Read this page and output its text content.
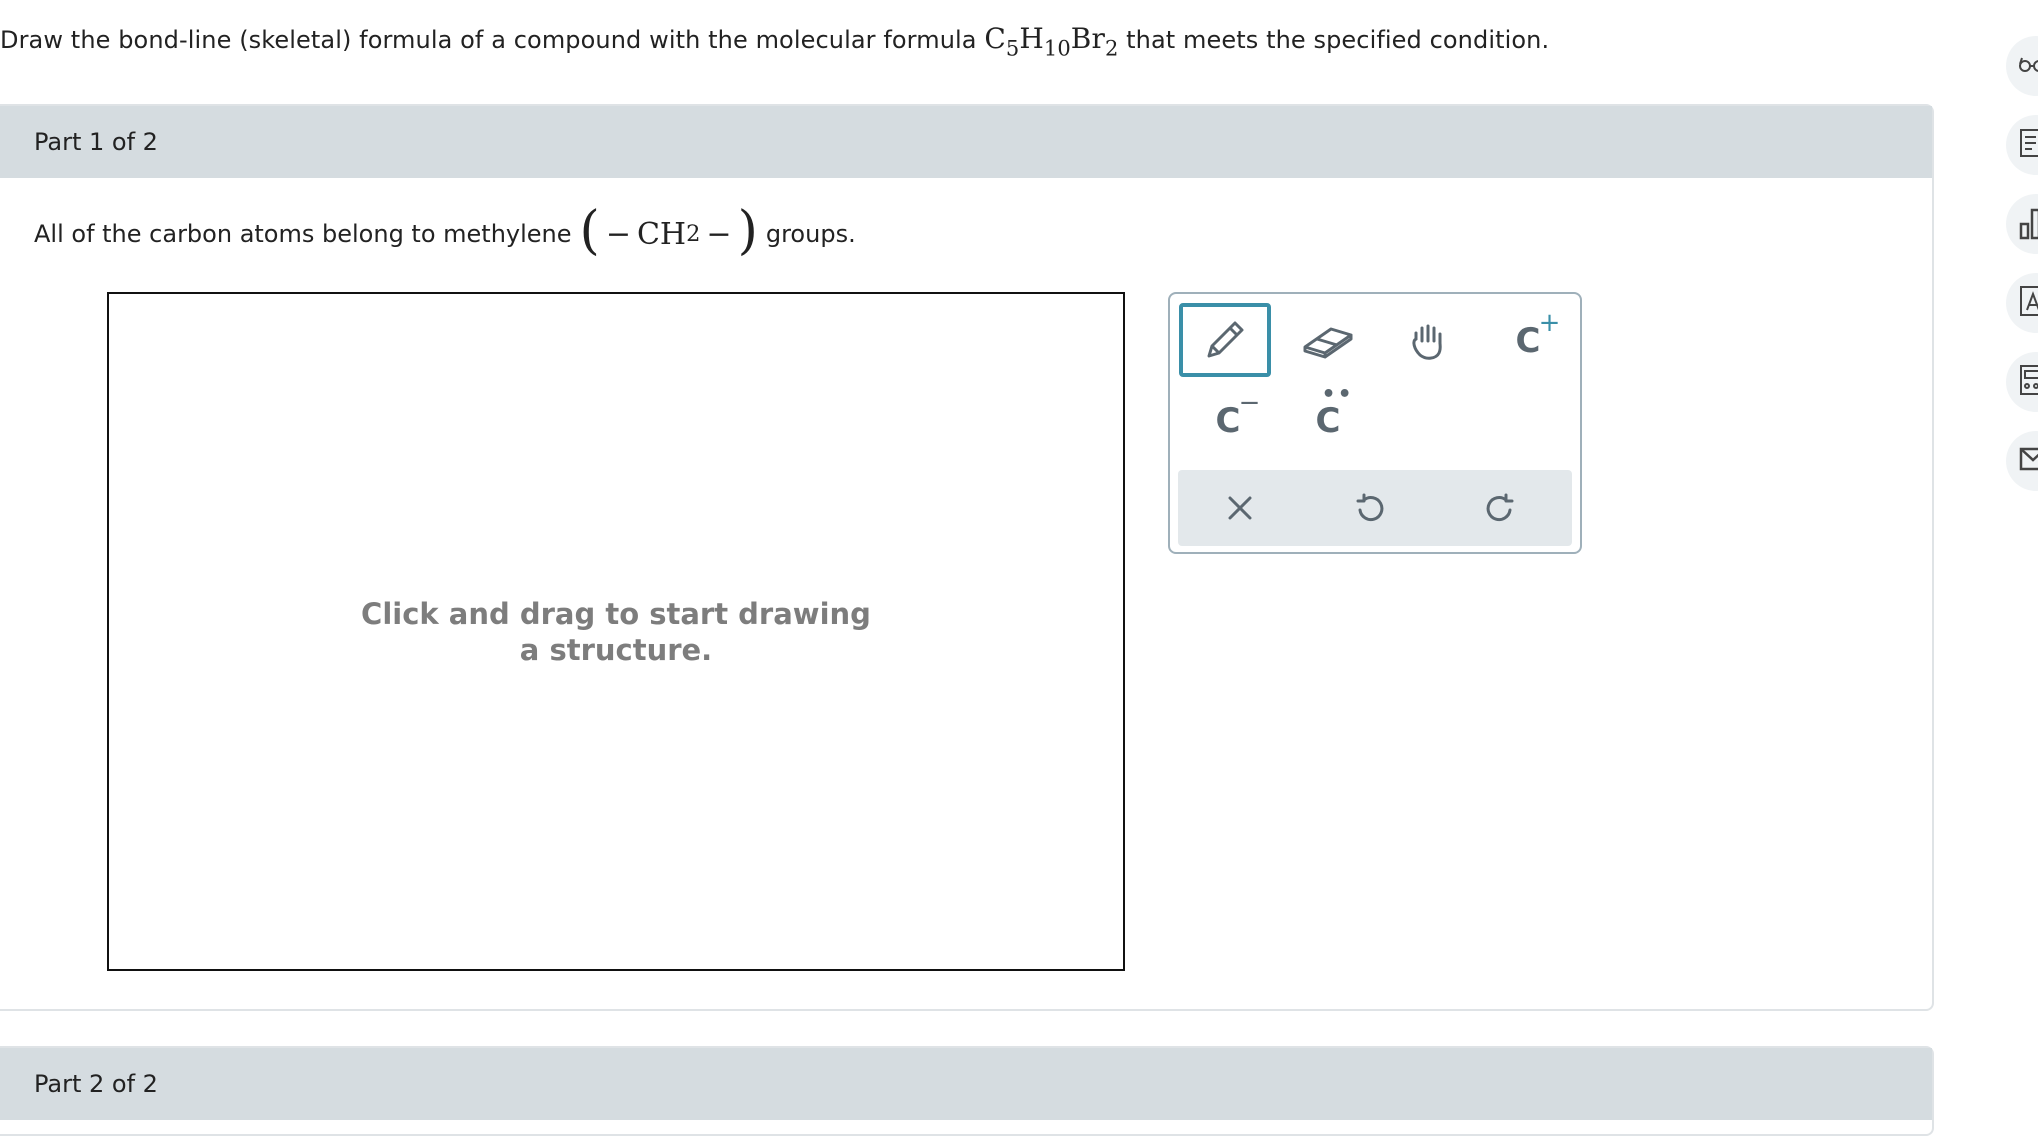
Draw the bond-line (skeletal) formula of a compound with the molecular formula $C_5H_{10}Br_2$ that meets the specified condition.

Part 1 of 2

All of the carbon atoms belong to methylene ( − CH 2 − ) groups.

Click and drag to start drawing a structure.
C
+
C
−	••
C
Part 2 of 2
